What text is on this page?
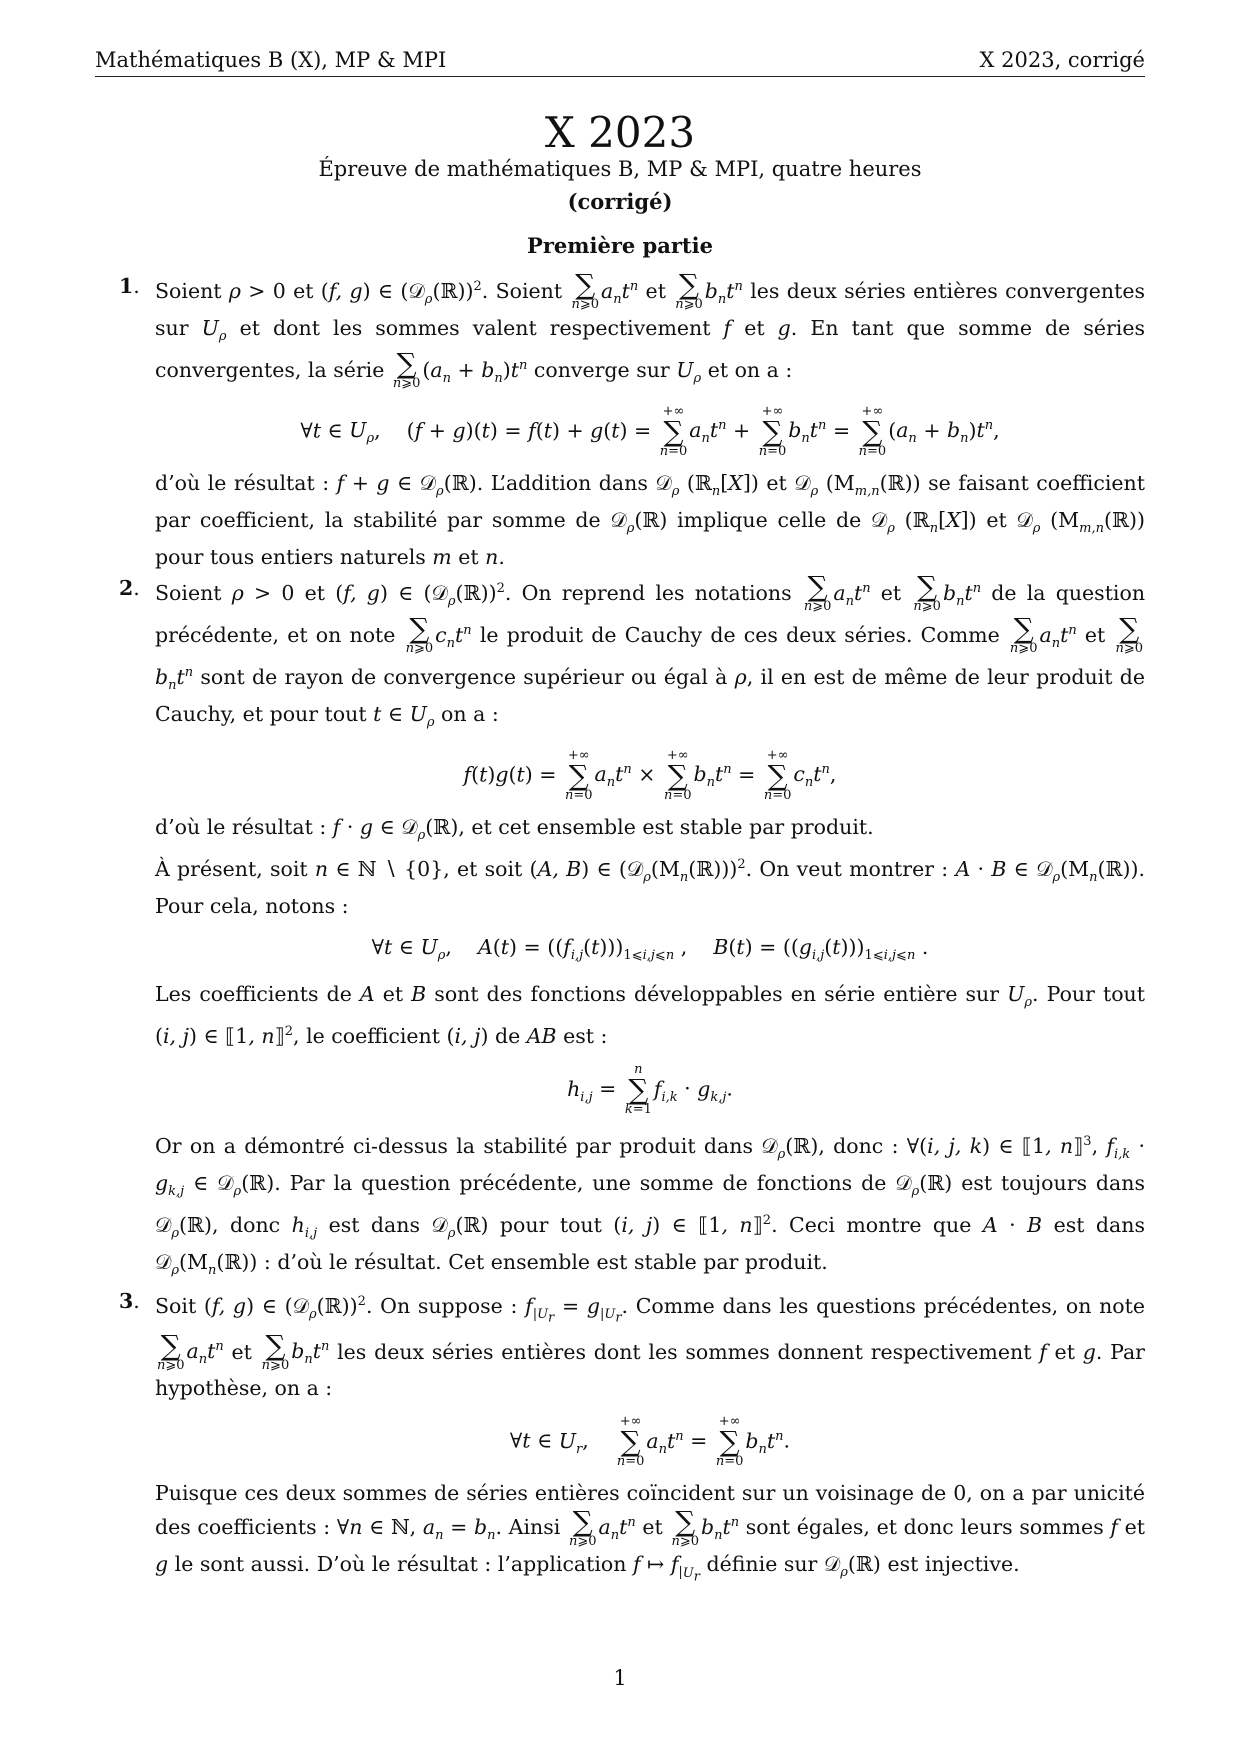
Mathématiques B (X), MP & MPI	X 2023, corrigé
X 2023
Épreuve de mathématiques B, MP & MPI, quatre heures
(corrigé)
Première partie
1 .	Soient ρ > 0 et (f, g) ∈ (𝒟$_\rho$(ℝ))$^2$. Soient ∑
n⩾0
$a_nt^n$ et ∑
n⩾0
$b_nt^n$ les deux séries entières convergentes sur $U_\rho$ et dont les sommes valent respectivement f et g. En tant que somme de séries convergentes, la série ∑
n⩾0
$(a_n + b_n)t^n$ converge sur $U_\rho$ et on a :

∀t ∈ $U_\rho$,    (f + g)(t) = f(t) + g(t) =
+∞
∑
n=0
$a_nt^n$ +
+∞
∑
n=0
$b_nt^n$ =
+∞
∑
n=0
$(a_n + b_n)t^n$,

d’où le résultat : f + g ∈ 𝒟$_\rho$(ℝ). L’addition dans 𝒟$_\rho$ (ℝ$_n$[X]) et 𝒟$_\rho$ $(M_{m,n}(ℝ))$ se faisant coefficient par coefficient, la stabilité par somme de 𝒟$_\rho$(ℝ) implique celle de 𝒟$_\rho$ (ℝ$_n$[X]) et 𝒟$_\rho$ $(M_{m,n}(ℝ))$ pour tous entiers naturels m et n.

2 .	Soient ρ > 0 et (f, g) ∈ (𝒟$_\rho$(ℝ))$^2$. On reprend les notations ∑
n⩾0
$a_nt^n$ et ∑
n⩾0
$b_nt^n$ de la question précédente, et on note ∑
n⩾0
$c_nt^n$ le produit de Cauchy de ces deux séries. Comme ∑
n⩾0
$a_nt^n$ et ∑
n⩾0
$b_nt^n$ sont de rayon de convergence supérieur ou égal à ρ, il en est de même de leur produit de Cauchy, et pour tout t ∈ $U_\rho$ on a :

f(t)g(t) =
+∞
∑
n=0
$a_nt^n$ ×
+∞
∑
n=0
$b_nt^n$ =
+∞
∑
n=0
$c_nt^n$,

d’où le résultat : f · g ∈ 𝒟$_\rho$(ℝ), et cet ensemble est stable par produit.

À présent, soit n ∈ ℕ ∖ {0}, et soit (A, B) ∈ $(𝒟_\rho(M_n(ℝ)))^2$. On veut montrer : A · B ∈ $𝒟_\rho(M_n(ℝ))$. Pour cela, notons :

∀t ∈ $U_\rho$,    $A(t) = ((f_{i,j}(t)))_{1⩽i,j⩽n}$ ,    $B(t) = ((g_{i,j}(t)))_{1⩽i,j⩽n}$ .

Les coefficients de A et B sont des fonctions développables en série entière sur $U_\rho$. Pour tout (i, j) ∈ ⟦1, n⟧$^2$, le coefficient (i, j) de AB est :

$h_{i,j}$ =
n
∑
k=1
$f_{i,k} \cdot g_{k,j}$.

Or on a démontré ci-dessus la stabilité par produit dans 𝒟$_\rho$(ℝ), donc : ∀(i, j, k) ∈ ⟦1, n⟧$^3$, $f_{i,k} \cdot g_{k,j}$ ∈ 𝒟$_\rho$(ℝ). Par la question précédente, une somme de fonctions de 𝒟$_\rho$(ℝ) est toujours dans 𝒟$_\rho$(ℝ), donc $h_{i,j}$ est dans 𝒟$_\rho$(ℝ) pour tout (i, j) ∈ ⟦1, n⟧$^2$. Ceci montre que A · B est dans $𝒟_\rho(M_n(ℝ))$ : d’où le résultat. Cet ensemble est stable par produit.

3 .	Soit (f, g) ∈ (𝒟$_\rho$(ℝ))$^2$. On suppose : $f_{|U_r} = g_{|U_r}$. Comme dans les questions précédentes, on note
∑
n⩾0
$a_nt^n$ et ∑
n⩾0
$b_nt^n$ les deux séries entières dont les sommes donnent respectivement f et g. Par hypothèse, on a :

∀t ∈ $U_r$,
+∞
∑
n=0
$a_nt^n$ =
+∞
∑
n=0
$b_nt^n$.

Puisque ces deux sommes de séries entières coïncident sur un voisinage de 0, on a par unicité des coefficients : ∀n ∈ ℕ, $a_n = b_n$. Ainsi ∑
n⩾0
$a_nt^n$ et ∑
n⩾0
$b_nt^n$ sont égales, et donc leurs sommes f et g le sont aussi. D’où le résultat : l’application f ↦ $f_{|U_r}$ définie sur 𝒟$_\rho$(ℝ) est injective.

1
